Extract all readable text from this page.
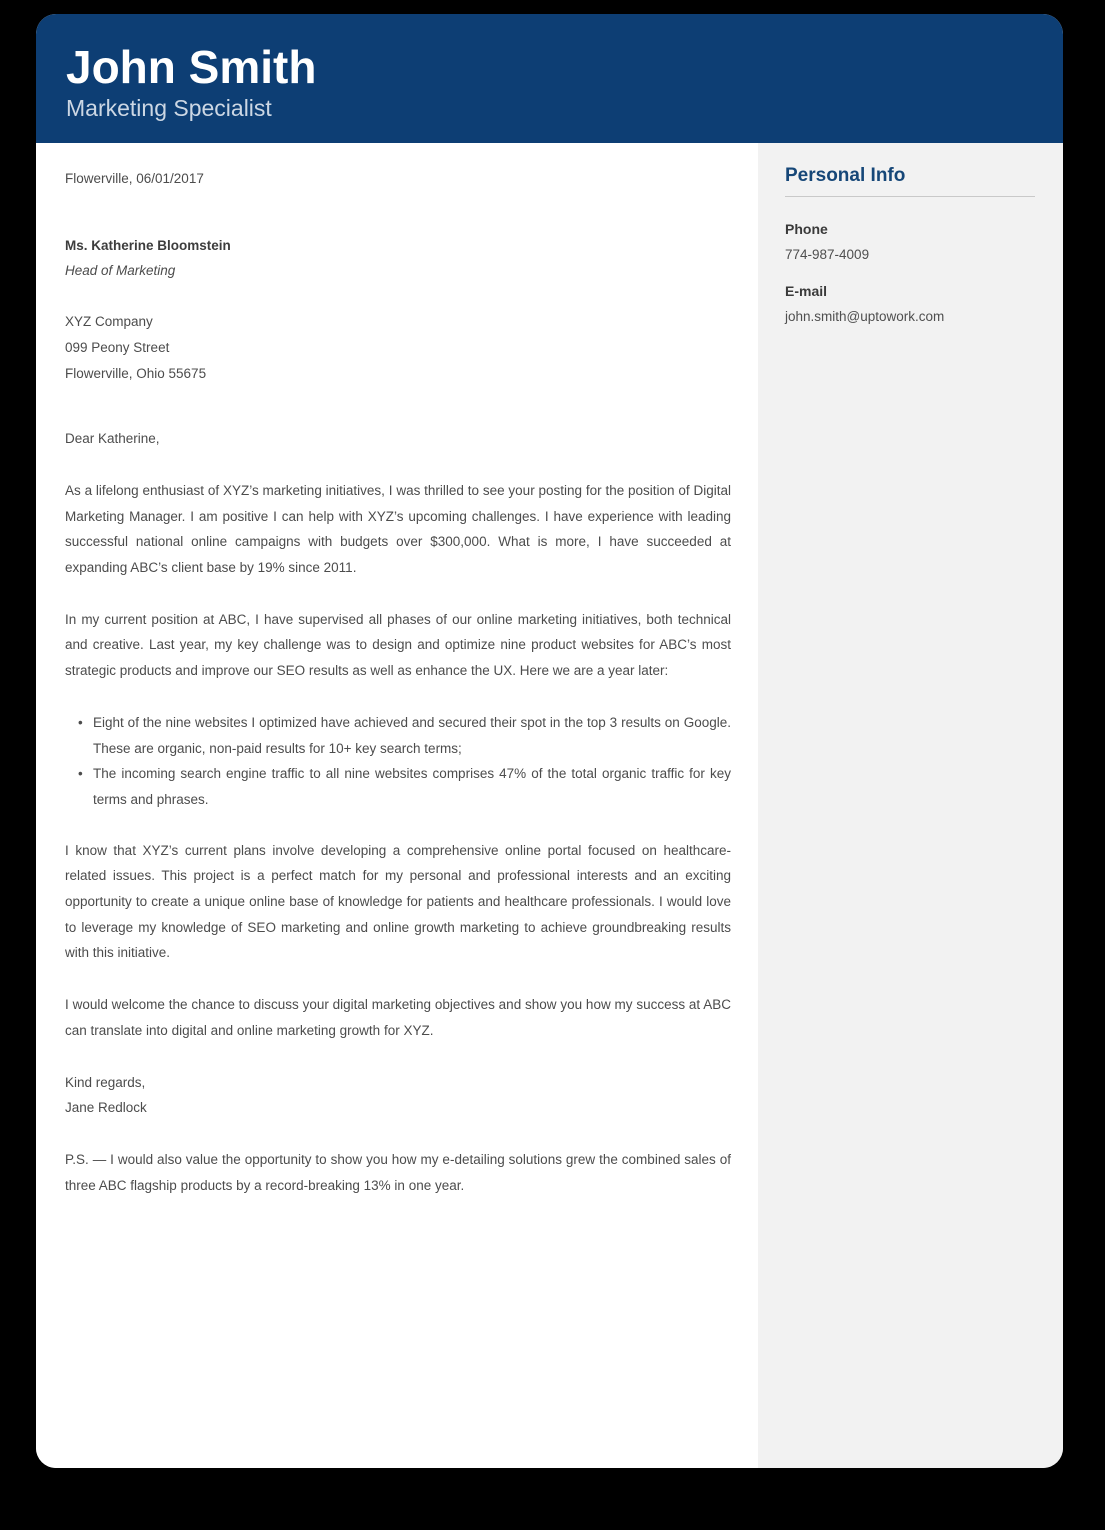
John Smith
Marketing Specialist

Flowerville, 06/01/2017

Ms. Katherine Bloomstein
Head of Marketing

XYZ Company
099 Peony Street
Flowerville, Ohio 55675

Dear Katherine,

As a lifelong enthusiast of XYZ’s marketing initiatives, I was thrilled to see your posting for the position of Digital Marketing Manager. I am positive I can help with XYZ’s upcoming challenges. I have experience with leading successful national online campaigns with budgets over $300,000. What is more, I have succeeded at expanding ABC’s client base by 19% since 2011.

In my current position at ABC, I have supervised all phases of our online marketing initiatives, both technical and creative. Last year, my key challenge was to design and optimize nine product websites for ABC’s most strategic products and improve our SEO results as well as enhance the UX. Here we are a year later:

• Eight of the nine websites I optimized have achieved and secured their spot in the top 3 results on Google. These are organic, non-paid results for 10+ key search terms;
• The incoming search engine traffic to all nine websites comprises 47% of the total organic traffic for key terms and phrases.

I know that XYZ’s current plans involve developing a comprehensive online portal focused on healthcare-related issues. This project is a perfect match for my personal and professional interests and an exciting opportunity to create a unique online base of knowledge for patients and healthcare professionals. I would love to leverage my knowledge of SEO marketing and online growth marketing to achieve groundbreaking results with this initiative.

I would welcome the chance to discuss your digital marketing objectives and show you how my success at ABC can translate into digital and online marketing growth for XYZ.

Kind regards,
Jane Redlock

P.S. — I would also value the opportunity to show you how my e-detailing solutions grew the combined sales of three ABC flagship products by a record-breaking 13% in one year.

Personal Info
Phone
774-987-4009
E-mail
john.smith@uptowork.com
